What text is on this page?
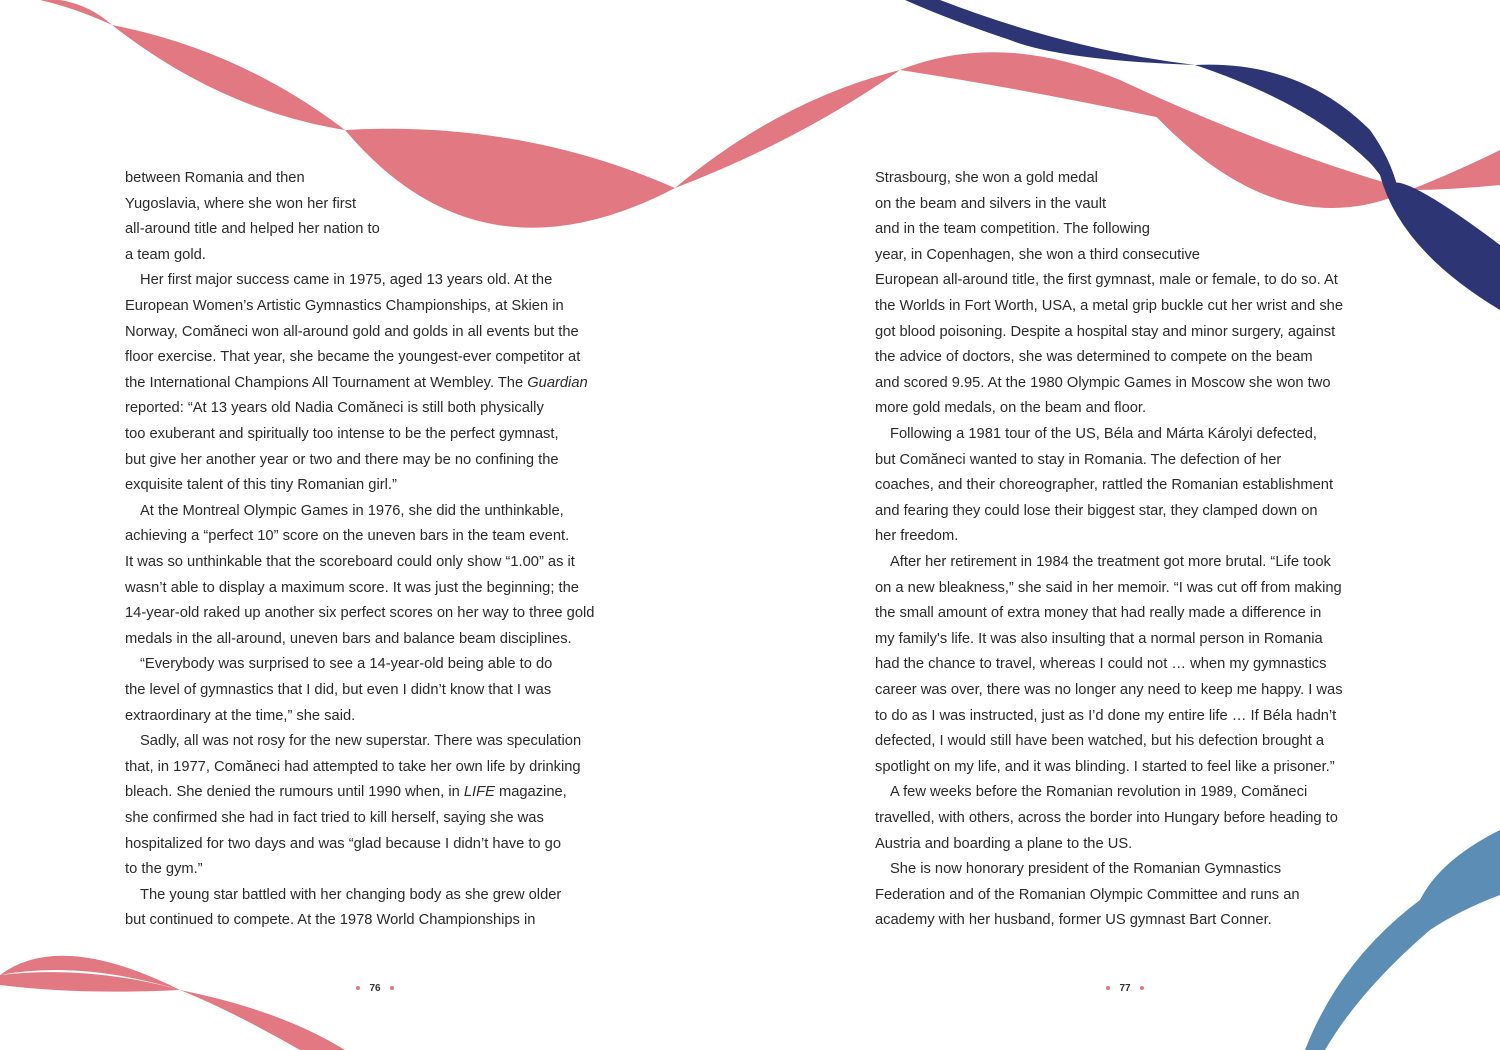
between Romania and then
Yugoslavia, where she won her first
all-around title and helped her nation to
a team gold.
Her first major success came in 1975, aged 13 years old. At the
European Women’s Artistic Gymnastics Championships, at Skien in
Norway, Comăneci won all-around gold and golds in all events but the
floor exercise. That year, she became the youngest-ever competitor at
the International Champions All Tournament at Wembley. The Guardian
reported: “At 13 years old Nadia Comăneci is still both physically
too exuberant and spiritually too intense to be the perfect gymnast,
but give her another year or two and there may be no confining the
exquisite talent of this tiny Romanian girl.”
At the Montreal Olympic Games in 1976, she did the unthinkable,
achieving a “perfect 10” score on the uneven bars in the team event.
It was so unthinkable that the scoreboard could only show “1.00” as it
wasn’t able to display a maximum score. It was just the beginning; the
14-year-old raked up another six perfect scores on her way to three gold
medals in the all-around, uneven bars and balance beam disciplines.
“Everybody was surprised to see a 14-year-old being able to do
the level of gymnastics that I did, but even I didn’t know that I was
extraordinary at the time,” she said.
Sadly, all was not rosy for the new superstar. There was speculation
that, in 1977, Comăneci had attempted to take her own life by drinking
bleach. She denied the rumours until 1990 when, in LIFE magazine,
she confirmed she had in fact tried to kill herself, saying she was
hospitalized for two days and was “glad because I didn’t have to go
to the gym.”
The young star battled with her changing body as she grew older
but continued to compete. At the 1978 World Championships in
76
Strasbourg, she won a gold medal
on the beam and silvers in the vault
and in the team competition. The following
year, in Copenhagen, she won a third consecutive
European all-around title, the first gymnast, male or female, to do so. At
the Worlds in Fort Worth, USA, a metal grip buckle cut her wrist and she
got blood poisoning. Despite a hospital stay and minor surgery, against
the advice of doctors, she was determined to compete on the beam
and scored 9.95. At the 1980 Olympic Games in Moscow she won two
more gold medals, on the beam and floor.
Following a 1981 tour of the US, Béla and Márta Károlyi defected,
but Comăneci wanted to stay in Romania. The defection of her
coaches, and their choreographer, rattled the Romanian establishment
and fearing they could lose their biggest star, they clamped down on
her freedom.
After her retirement in 1984 the treatment got more brutal. “Life took
on a new bleakness,” she said in her memoir. “I was cut off from making
the small amount of extra money that had really made a difference in
my family's life. It was also insulting that a normal person in Romania
had the chance to travel, whereas I could not … when my gymnastics
career was over, there was no longer any need to keep me happy. I was
to do as I was instructed, just as I’d done my entire life … If Béla hadn’t
defected, I would still have been watched, but his defection brought a
spotlight on my life, and it was blinding. I started to feel like a prisoner.”
A few weeks before the Romanian revolution in 1989, Comăneci
travelled, with others, across the border into Hungary before heading to
Austria and boarding a plane to the US.
She is now honorary president of the Romanian Gymnastics
Federation and of the Romanian Olympic Committee and runs an
academy with her husband, former US gymnast Bart Conner.
77
